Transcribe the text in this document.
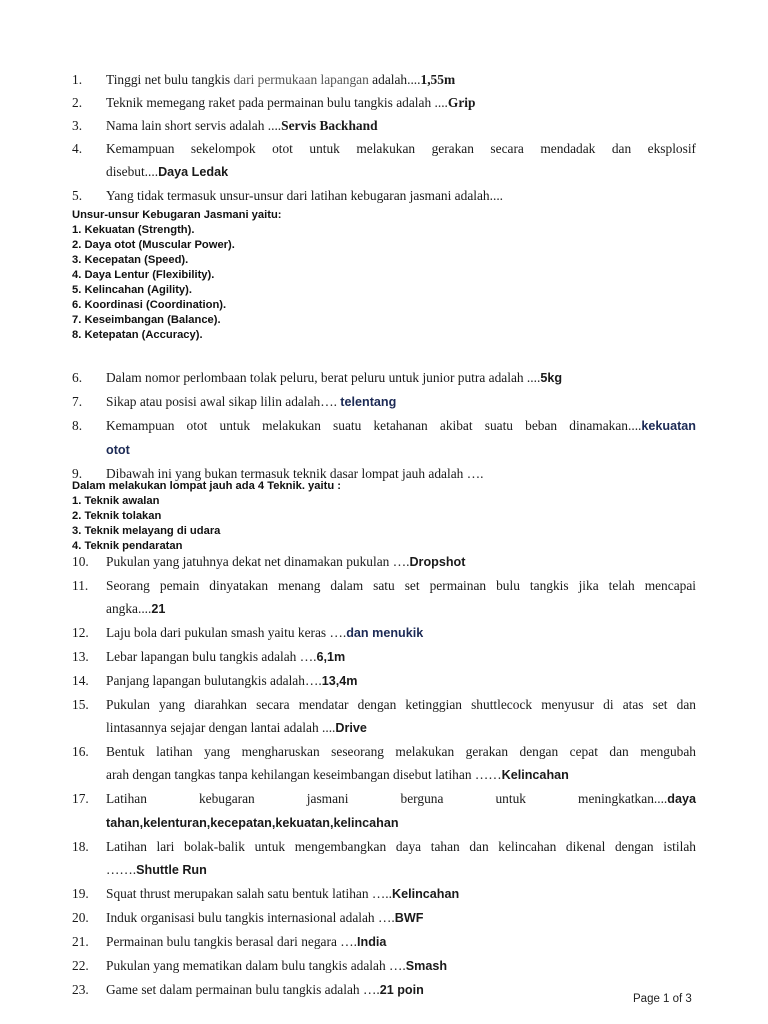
1.	Tinggi net bulu tangkis dari permukaan lapangan adalah....1,55m
2.	Teknik memegang raket pada permainan bulu tangkis adalah ....Grip
3.	Nama lain short servis adalah ....Servis Backhand
4.	Kemampuan sekelompok otot untuk melakukan gerakan secara mendadak dan eksplosif
disebut....Daya Ledak
5.	Yang tidak termasuk unsur-unsur dari latihan kebugaran jasmani adalah....
Unsur-unsur Kebugaran Jasmani yaitu:
1. Kekuatan (Strength).
2. Daya otot (Muscular Power).
3. Kecepatan (Speed).
4. Daya Lentur (Flexibility).
5. Kelincahan (Agility).
6. Koordinasi (Coordination).
7. Keseimbangan (Balance).
8. Ketepatan (Accuracy).
6.	Dalam nomor perlombaan tolak peluru, berat peluru untuk junior putra adalah ....5kg
7.	Sikap atau posisi awal sikap lilin adalah…. telentang
8.	Kemampuan otot untuk melakukan suatu ketahanan akibat suatu beban dinamakan....kekuatan
otot
9.	Dibawah ini yang bukan termasuk teknik dasar lompat jauh adalah ….
Dalam melakukan lompat jauh ada 4 Teknik. yaitu :
1. Teknik awalan
2. Teknik tolakan
3. Teknik melayang di udara
4. Teknik pendaratan
10.	Pukulan yang jatuhnya dekat net dinamakan pukulan ….Dropshot
11.	Seorang pemain dinyatakan menang dalam satu set permainan bulu tangkis jika telah mencapai
angka....21
12.	Laju bola dari pukulan smash yaitu keras ….dan menukik
13.	Lebar lapangan bulu tangkis adalah ….6,1m
14.	Panjang lapangan bulutangkis adalah….13,4m
15.	Pukulan yang diarahkan secara mendatar dengan ketinggian shuttlecock menyusur di atas set dan
lintasannya sejajar dengan lantai adalah ....Drive
16.	Bentuk latihan yang mengharuskan seseorang melakukan gerakan dengan cepat dan mengubah
arah dengan tangkas tanpa kehilangan keseimbangan disebut latihan ……Kelincahan
17.	Latihan kebugaran jasmani berguna untuk meningkatkan....daya
tahan,kelenturan,kecepatan,kekuatan,kelincahan
18.	Latihan lari bolak-balik untuk mengembangkan daya tahan dan kelincahan dikenal dengan istilah
…….Shuttle Run
19.	Squat thrust merupakan salah satu bentuk latihan …..Kelincahan
20.	Induk organisasi bulu tangkis internasional adalah ….BWF
21.	Permainan bulu tangkis berasal dari negara ….India
22.	Pukulan yang mematikan dalam bulu tangkis adalah ….Smash
23.	Game set dalam permainan bulu tangkis adalah ….21 poin
Page 1 of 3
